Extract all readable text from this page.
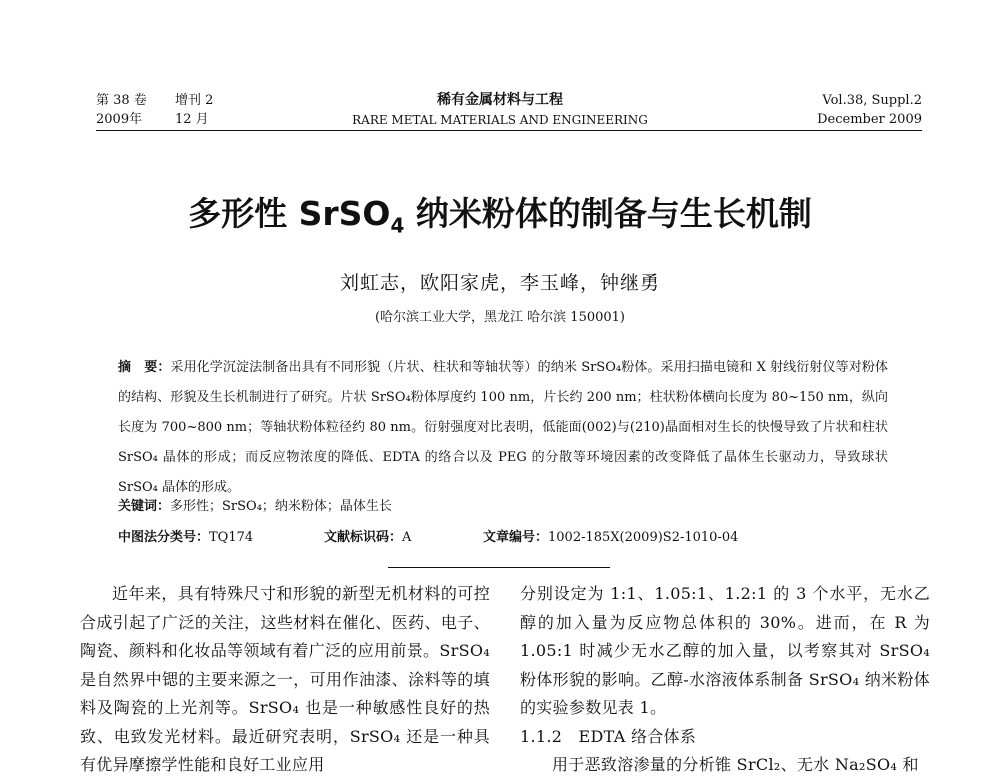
第 38 卷 增刊 2
2009年	12 月
稀有金属材料与工程
RARE METAL MATERIALS AND ENGINEERING
Vol.38, Suppl.2
December 2009
多形性 SrSO$_4$ 纳米粉体的制备与生长机制
刘虹志，欧阳家虎，李玉峰，钟继勇
(哈尔滨工业大学，黑龙江 哈尔滨 150001)
摘　要：采用化学沉淀法制备出具有不同形貌（片状、柱状和等轴状等）的纳米 SrSO₄粉体。采用扫描电镜和 X 射线衍射仪等对粉体的结构、形貌及生长机制进行了研究。片状 SrSO₄粉体厚度约 100 nm，片长约 200 nm；柱状粉体横向长度为 80~150 nm，纵向长度为 700~800 nm；等轴状粉体粒径约 80 nm。衍射强度对比表明，低能面(002)与(210)晶面相对生长的快慢导致了片状和柱状 SrSO₄ 晶体的形成；而反应物浓度的降低、EDTA 的络合以及 PEG 的分散等环境因素的改变降低了晶体生长驱动力，导致球状 SrSO₄ 晶体的形成。
关键词：多形性；SrSO₄；纳米粉体；晶体生长
中图法分类号：TQ174	文献标识码：A	文章编号：1002-185X(2009)S2-1010-04

近年来，具有特殊尺寸和形貌的新型无机材料的可控合成引起了广泛的关注，这些材料在催化、医药、电子、陶瓷、颜料和化妆品等领域有着广泛的应用前景。SrSO₄ 是自然界中锶的主要来源之一，可用作油漆、涂料等的填料及陶瓷的上光剂等。SrSO₄ 也是一种敏感性良好的热致、电致发光材料。最近研究表明，SrSO₄ 还是一种具有优异摩擦学性能和良好工业应用

分别设定为 1:1、1.05:1、1.2:1 的 3 个水平，无水乙醇的加入量为反应物总体积的 30%。进而，在 R 为 1.05:1 时减少无水乙醇的加入量，以考察其对 SrSO₄ 粉体形貌的影响。乙醇-水溶液体系制备 SrSO₄ 纳米粉体的实验参数见表 1。

1.1.2　EDTA 络合体系

用于恶致溶渗量的分析锥 SrCl₂、无水 Na₂SO₄ 和
